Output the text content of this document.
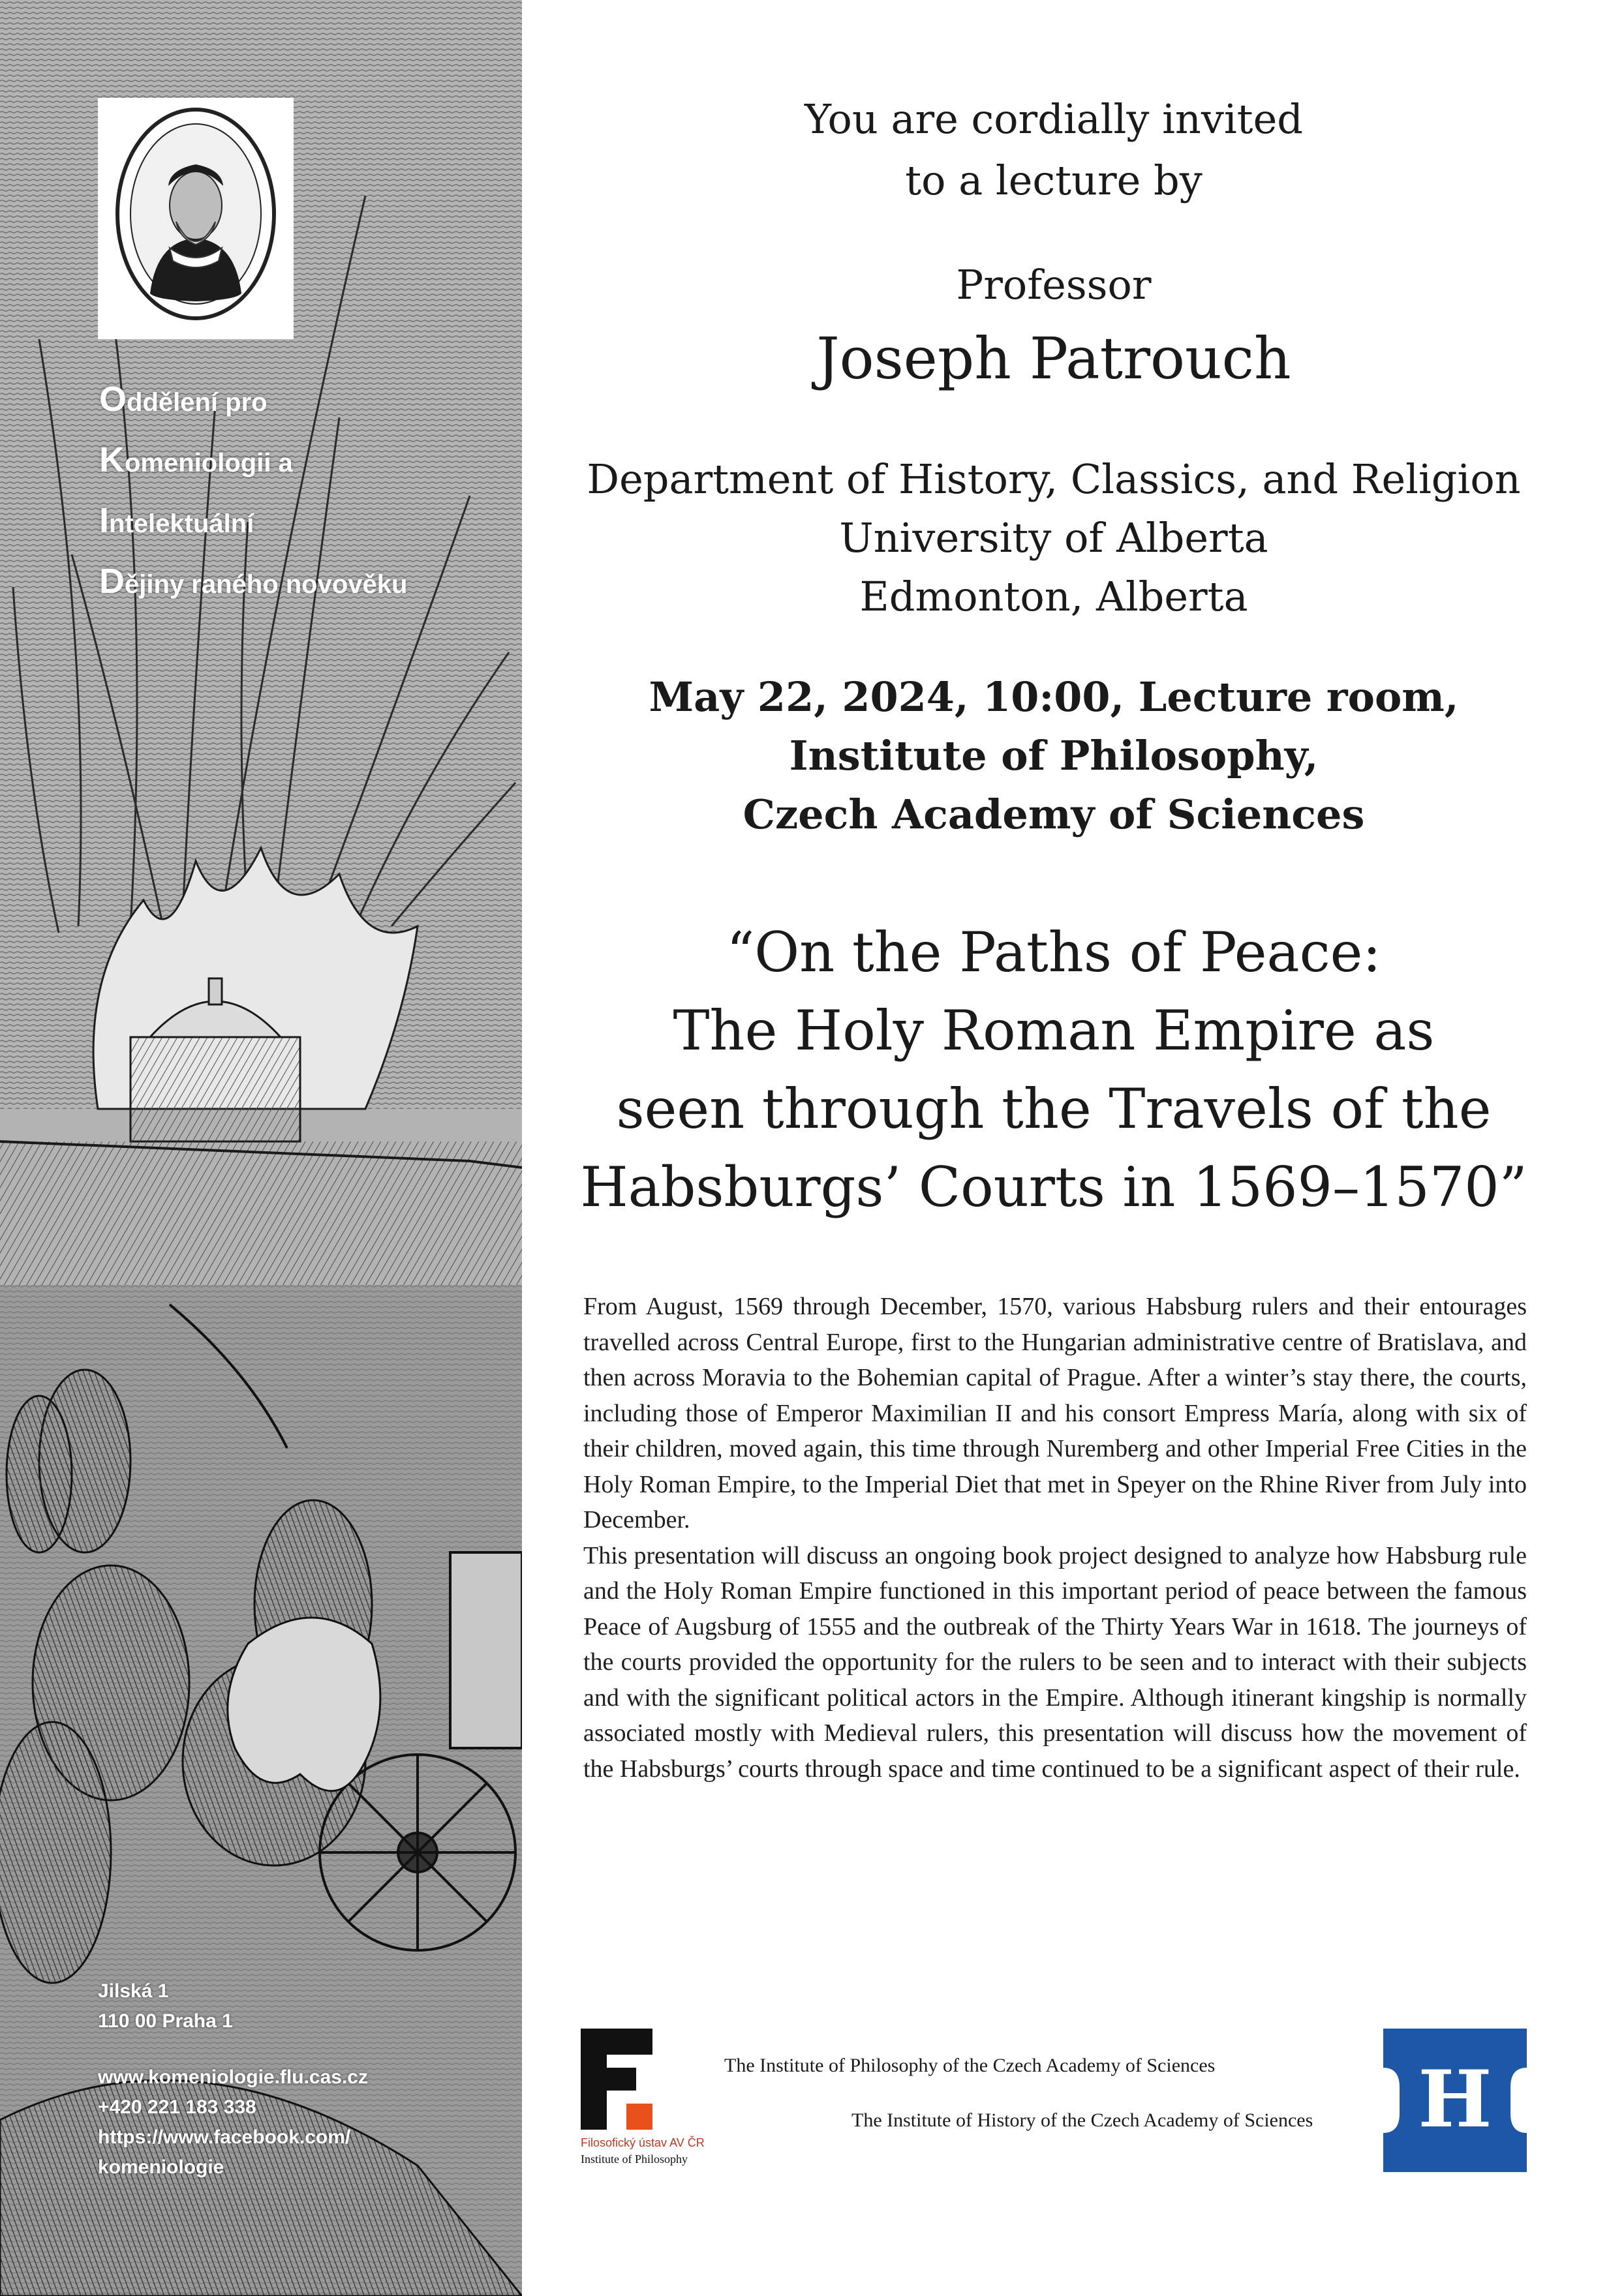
Oddělení pro
Komeniologii a
Intelektuální
Dějiny raného novověku
Jilská 1
110 00 Praha 1
www.komeniologie.flu.cas.cz
+420 221 183 338
https://www.facebook.com/
komeniologie
You are cordially invited
to a lecture by
Professor
Joseph Patrouch
Department of History, Classics, and Religion
University of Alberta
Edmonton, Alberta
May 22, 2024, 10:00, Lecture room,
Institute of Philosophy,
Czech Academy of Sciences
“On the Paths of Peace:
The Holy Roman Empire as
seen through the Travels of the
Habsburgs’ Courts in 1569–1570”

From August, 1569 through December, 1570, various Habsburg rulers and their entourages travelled across Central Europe, first to the Hungarian administrative centre of Bratislava, and then across Moravia to the Bohemian capital of Prague. After a winter’s stay there, the courts, including those of Emperor Maximilian II and his consort Empress María, along with six of their children, moved again, this time through Nuremberg and other Imperial Free Cities in the Holy Roman Empire, to the Imperial Diet that met in Speyer on the Rhine River from July into December.

This presentation will discuss an ongoing book project designed to analyze how Habsburg rule and the Holy Roman Empire functioned in this important period of peace between the famous Peace of Augsburg of 1555 and the outbreak of the Thirty Years War in 1618. The journeys of the courts provided the opportunity for the rulers to be seen and to interact with their subjects and with the significant political actors in the Empire. Although itinerant kingship is normally associated mostly with Medieval rulers, this presentation will discuss how the movement of the Habsburgs’ courts through space and time continued to be a significant aspect of their rule.

Filosofický ústav AV ČR
Institute of Philosophy
The Institute of Philosophy of the Czech Academy of Sciences
The Institute of History of the Czech Academy of Sciences H
